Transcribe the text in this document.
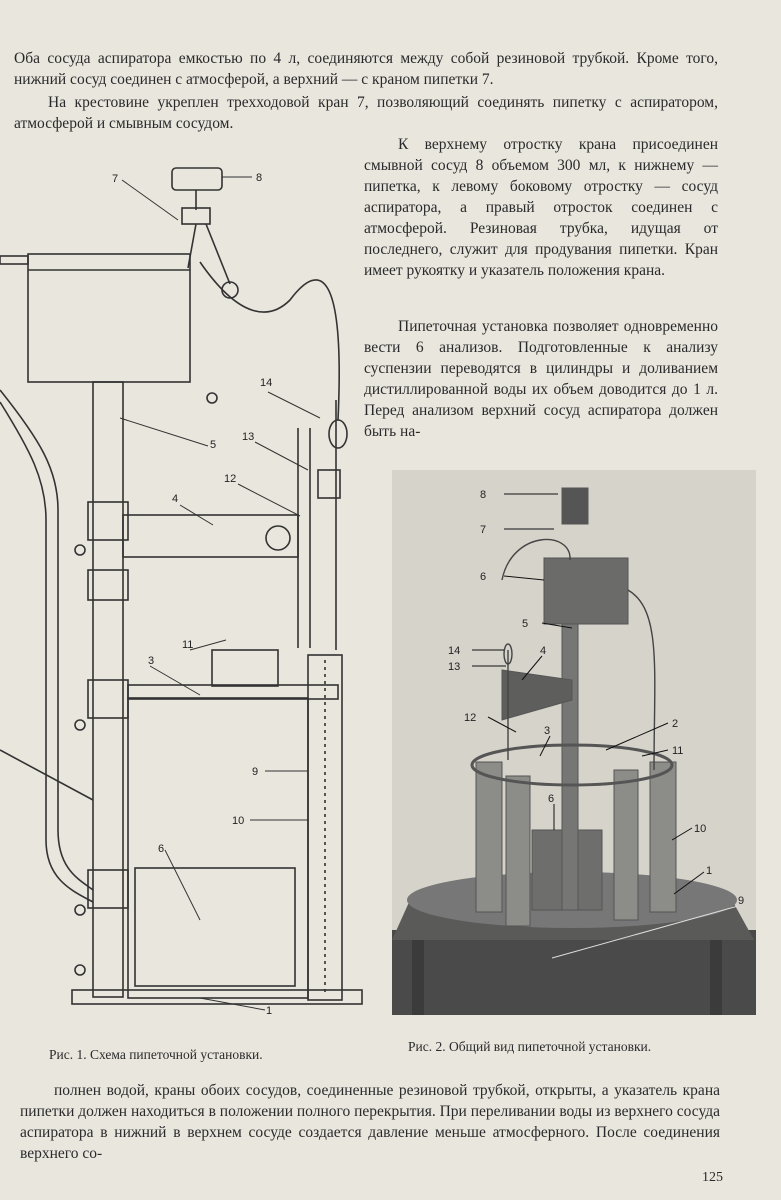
Оба сосуда аспиратора емкостью по 4 л, соединяются между собой резиновой трубкой. Кроме того, нижний сосуд соединен с атмосферой, а верхний — с краном пипетки 7.

На крестовине укреплен трехходовой кран 7, позволяющий соединять пипетку с аспиратором, атмосферой и смывным сосудом.

К верхнему отростку крана присоединен смывной сосуд 8 объемом 300 мл, к нижнему — пипетка, к левому боковому отростку — сосуд аспиратора, а правый отросток соединен с атмосферой. Резиновая трубка, идущая от последнего, служит для продувания пипетки. Кран имеет рукоятку и указатель положения крана.

Пипеточная установка позволяет одновременно вести 6 анализов. Подготовленные к анализу суспензии переводятся в цилиндры и доливанием дистиллированной воды их объем доводится до 1 л. Перед анализом верхний сосуд аспиратора должен быть на-

8
7
14
13
12
4
5
11
3
9
10
6
1

Рис. 1. Схема пипеточной установки.

8
7
6
5
14
13
4
12
3
2
11
6
10
1
9

Рис. 2. Общий вид пипеточной установки.

полнен водой, краны обоих сосудов, соединенные резиновой трубкой, открыты, а указатель крана пипетки должен находиться в положении полного перекрытия. При переливании воды из верхнего сосуда аспиратора в нижний в верхнем сосуде создается давление меньше атмосферного. После соединения верхнего со-

125
